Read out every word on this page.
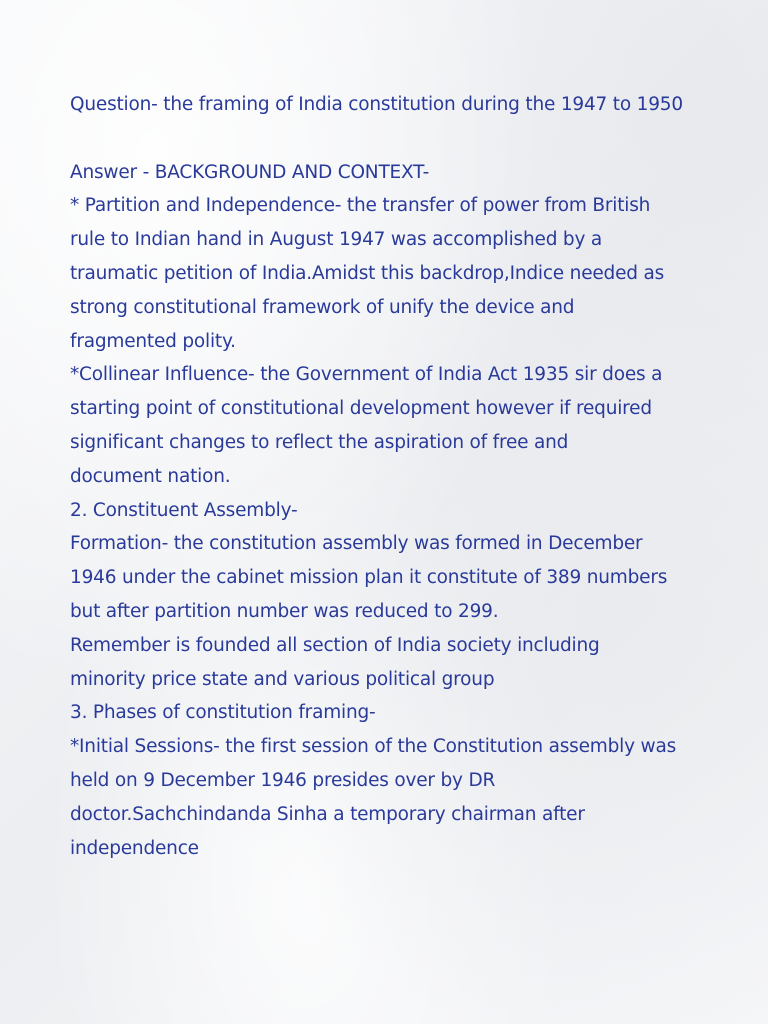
Question- the framing of India constitution during the 1947 to 1950
Answer - BACKGROUND AND CONTEXT-
* Partition and Independence- the transfer of power from British
rule to Indian hand in August 1947 was accomplished by a
traumatic petition of India.Amidst this backdrop,Indice needed as
strong constitutional framework of unify the device and
fragmented polity.
*Collinear Influence- the Government of India Act 1935 sir does a
starting point of constitutional development however if required
significant changes to reflect the aspiration of free and
document nation.
2. Constituent Assembly-
Formation- the constitution assembly was formed in December
1946 under the cabinet mission plan it constitute of 389 numbers
but after partition number was reduced to 299.
Remember is founded all section of India society including
minority price state and various political group
3. Phases of constitution framing-
*Initial Sessions- the first session of the Constitution assembly was
held on 9 December 1946 presides over by DR
doctor.Sachchindanda Sinha a temporary chairman after
independence
